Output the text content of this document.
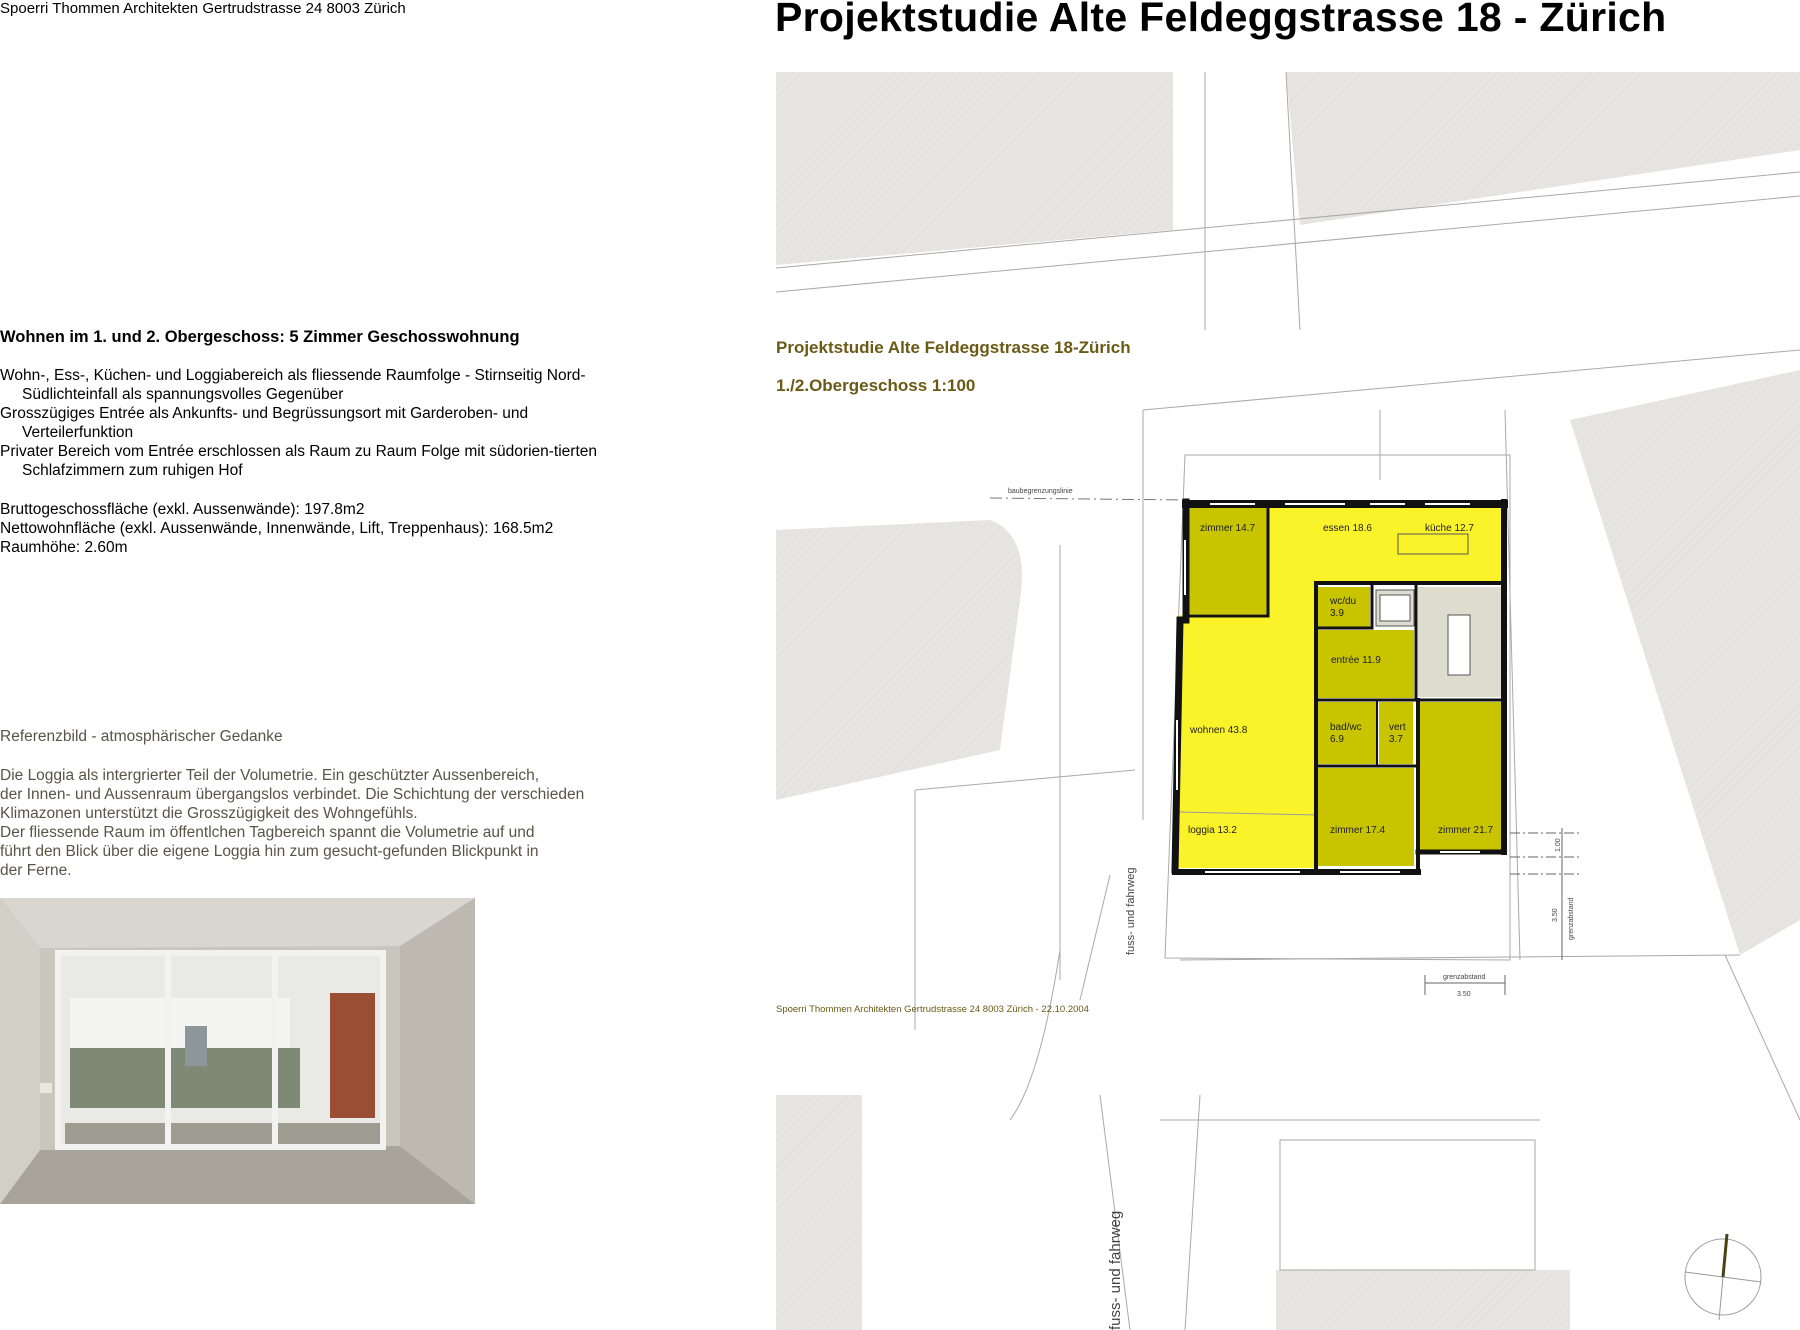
Spoerri Thommen Architekten Gertrudstrasse 24 8003 Zürich	Projektstudie Alte Feldeggstrasse 18 - Zürich
Wohnen im 1. und 2. Obergeschoss: 5 Zimmer Geschosswohnung

Wohn-, Ess-, Küchen- und Loggiabereich als fliessende Raumfolge - Stirnseitig Nord-Südlichteinfall als spannungsvolles Gegenüber

Grosszügiges Entrée als Ankunfts- und Begrüssungsort mit Garderoben- und Verteilerfunktion

Privater Bereich vom Entrée erschlossen als Raum zu Raum Folge mit südorien-tierten Schlafzimmern zum ruhigen Hof

Bruttogeschossfläche (exkl. Aussenwände): 197.8m2

Nettowohnfläche (exkl. Aussenwände, Innenwände, Lift, Treppenhaus): 168.5m2

Raumhöhe: 2.60m

Referenzbild - atmosphärischer Gedanke

Die Loggia als intergrierter Teil der Volumetrie. Ein geschützter Aussenbereich,

der Innen- und Aussenraum übergangslos verbindet. Die Schichtung der verschieden

Klimazonen unterstützt die Grosszügigkeit des Wohngefühls.

Der fliessende Raum im öffentlchen Tagbereich spannt die Volumetrie auf und

führt den Blick über die eigene Loggia hin zum gesucht-gefunden Blickpunkt in

der Ferne.

baubegrenzungslinie
zimmer 14.7	essen 18.6	küche 12.7
wc/du
3.9
entrée 11.9
bad/wc
6.9
vert
3.7
wohnen 43.8
loggia 13.2	zimmer 17.4	zimmer 21.7
1.00
3.50 grenzabstand
grenzabstand
3.50
fuss- und fahrweg
fuss- und fahrweg
Projektstudie Alte Feldeggstrasse 18-Zürich
1./2.Obergeschoss 1:100
Spoerri Thommen Architekten Gertrudstrasse 24 8003 Zürich - 22.10.2004
